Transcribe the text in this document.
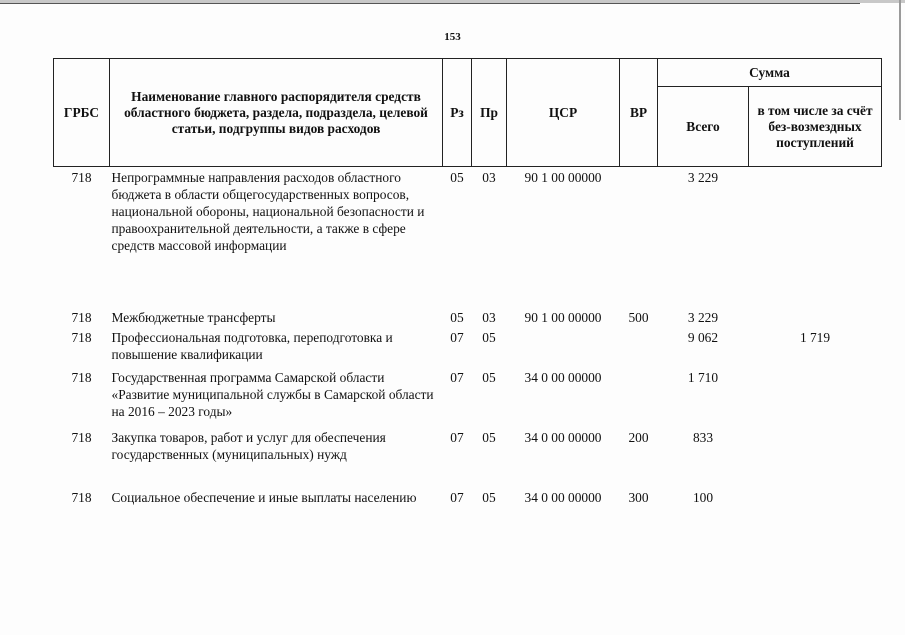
153
ГРБС	Наименование главного распорядителя средств областного бюджета, раздела, подраздела, целевой статьи, подгруппы видов расходов	Рз	Пр	ЦСР	ВР	Сумма	
						Всего	в том числе за счёт без-возмездных поступлений
718	Непрограммные направления расходов областного бюджета в области общегосударственных вопросов, национальной обороны, национальной безопасности и правоохранительной деятельности, а также в сфере средств массовой информации	05	03	90 1 00 00000		3 229	
718	Межбюджетные трансферты	05	03	90 1 00 00000	500	3 229	
718	Профессиональная подготовка, переподготовка и повышение квалификации	07	05			9 062	1 719
718	Государственная программа Самарской области «Развитие муниципальной службы в Самарской области на 2016 – 2023 годы»	07	05	34 0 00 00000		1 710	
718	Закупка товаров, работ и услуг для обеспечения государственных (муниципальных) нужд	07	05	34 0 00 00000	200	833	
718	Социальное обеспечение и иные выплаты населению	07	05	34 0 00 00000	300	100	
